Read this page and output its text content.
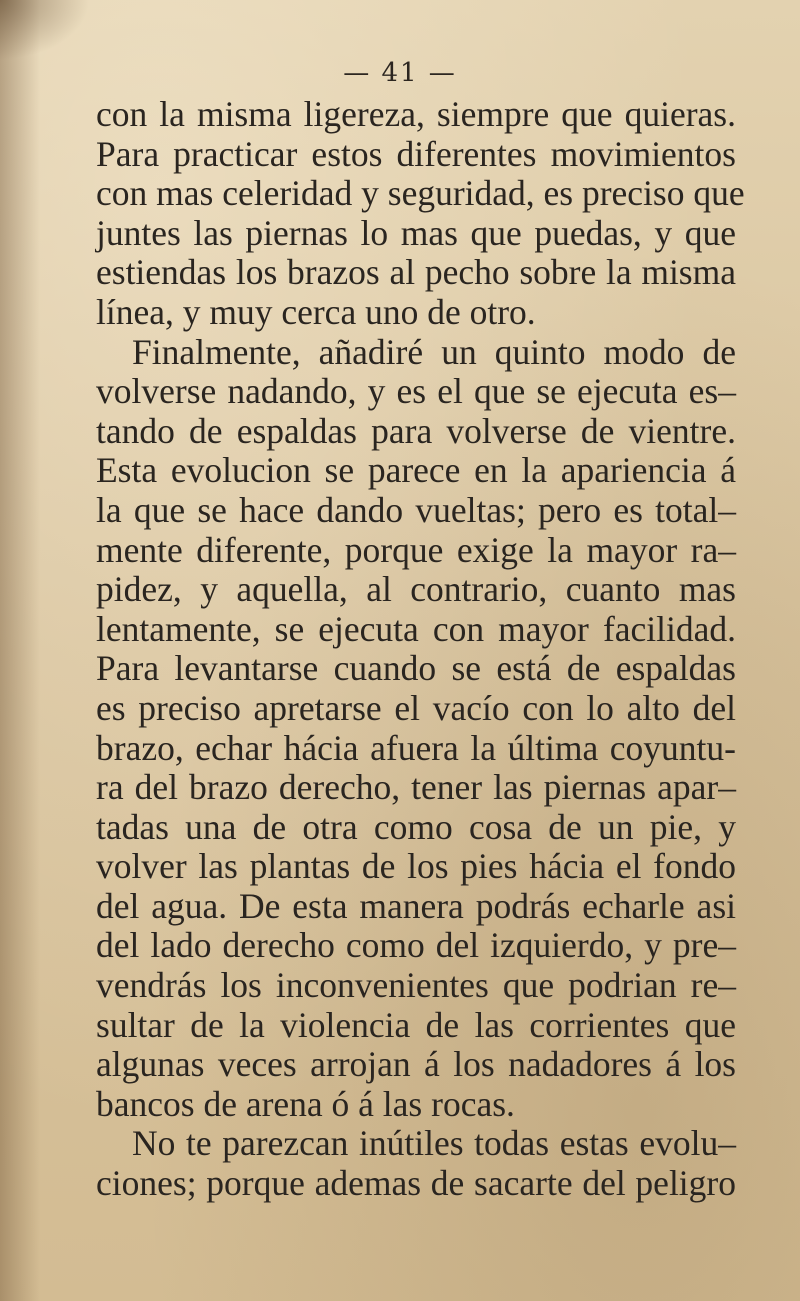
— 41 —
con la misma ligereza, siempre que quieras.
Para practicar estos diferentes movimientos
con mas celeridad y seguridad, es preciso que
juntes las piernas lo mas que puedas, y que
estiendas los brazos al pecho sobre la misma
línea, y muy cerca uno de otro.
Finalmente, añadiré un quinto modo de
volverse nadando, y es el que se ejecuta es–
tando de espaldas para volverse de vientre.
Esta evolucion se parece en la apariencia á
la que se hace dando vueltas; pero es total–
mente diferente, porque exige la mayor ra–
pidez, y aquella, al contrario, cuanto mas
lentamente, se ejecuta con mayor facilidad.
Para levantarse cuando se está de espaldas
es preciso apretarse el vacío con lo alto del
brazo, echar hácia afuera la última coyuntu-
ra del brazo derecho, tener las piernas apar–
tadas una de otra como cosa de un pie, y
volver las plantas de los pies hácia el fondo
del agua. De esta manera podrás echarle asi
del lado derecho como del izquierdo, y pre–
vendrás los inconvenientes que podrian re–
sultar de la violencia de las corrientes que
algunas veces arrojan á los nadadores á los
bancos de arena ó á las rocas.
No te parezcan inútiles todas estas evolu–
ciones; porque ademas de sacarte del peligro
